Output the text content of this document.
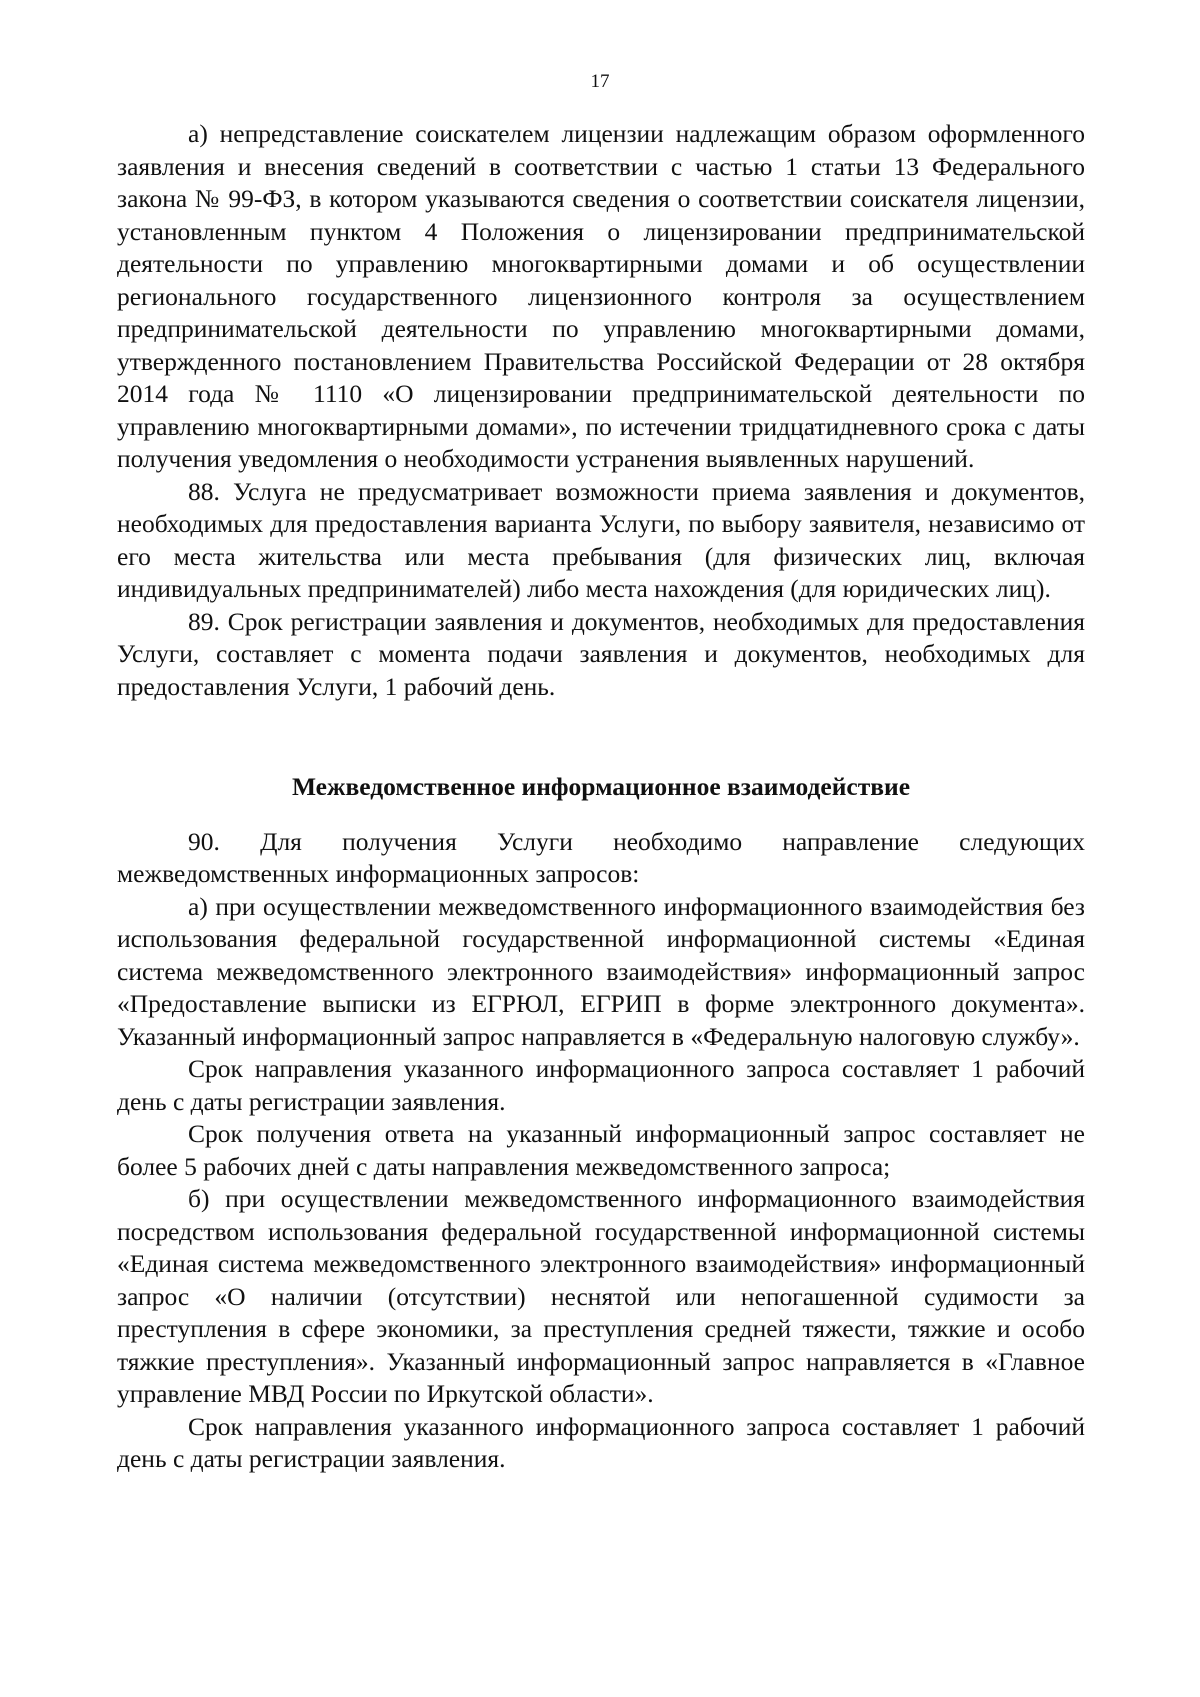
17

а) непредставление соискателем лицензии надлежащим образом оформленного заявления и внесения сведений в соответствии с частью 1 статьи 13 Федерального закона № 99-ФЗ, в котором указываются сведения о соответствии соискателя лицензии, установленным пунктом 4 Положения о лицензировании предпринимательской деятельности по управлению многоквартирными домами и об осуществлении регионального государственного лицензионного контроля за осуществлением предпринимательской деятельности по управлению многоквартирными домами, утвержденного постановлением Правительства Российской Федерации от 28 октября 2014 года № 1110 «О лицензировании предпринимательской деятельности по управлению многоквартирными домами», по истечении тридцатидневного срока с даты получения уведомления о необходимости устранения выявленных нарушений.

88. Услуга не предусматривает возможности приема заявления и документов, необходимых для предоставления варианта Услуги, по выбору заявителя, независимо от его места жительства или места пребывания (для физических лиц, включая индивидуальных предпринимателей) либо места нахождения (для юридических лиц).

89. Срок регистрации заявления и документов, необходимых для предоставления Услуги, составляет с момента подачи заявления и документов, необходимых для предоставления Услуги, 1 рабочий день.

Межведомственное информационное взаимодействие

90. Для получения Услуги необходимо направление следующих межведомственных информационных запросов:

а) при осуществлении межведомственного информационного взаимодействия без использования федеральной государственной информационной системы «Единая система межведомственного электронного взаимодействия» информационный запрос «Предоставление выписки из ЕГРЮЛ, ЕГРИП в форме электронного документа». Указанный информационный запрос направляется в «Федеральную налоговую службу».

Срок направления указанного информационного запроса составляет 1 рабочий день с даты регистрации заявления.

Срок получения ответа на указанный информационный запрос составляет не более 5 рабочих дней с даты направления межведомственного запроса;

б) при осуществлении межведомственного информационного взаимодействия посредством использования федеральной государственной информационной системы «Единая система межведомственного электронного взаимодействия» информационный запрос «О наличии (отсутствии) неснятой или непогашенной судимости за преступления в сфере экономики, за преступления средней тяжести, тяжкие и особо тяжкие преступления». Указанный информационный запрос направляется в «Главное управление МВД России по Иркутской области».

Срок направления указанного информационного запроса составляет 1 рабочий день с даты регистрации заявления.
